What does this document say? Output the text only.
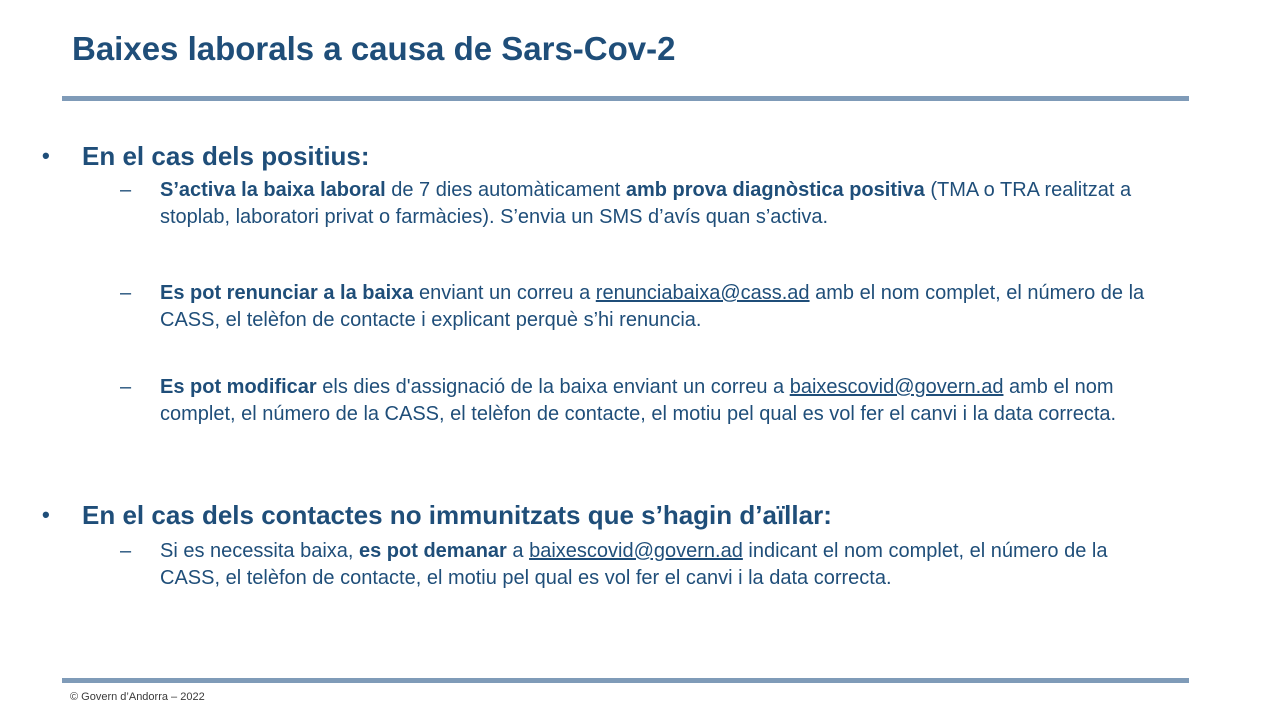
Baixes laborals a causa de Sars-Cov-2
• En el cas dels positius:
– S’activa la baixa laboral de 7 dies automàticament amb prova diagnòstica positiva (TMA o TRA realitzat a stoplab, laboratori privat o farmàcies). S’envia un SMS d’avís quan s’activa.
– Es pot renunciar a la baixa enviant un correu a renunciabaixa@cass.ad amb el nom complet, el número de la CASS, el telèfon de contacte i explicant perquè s’hi renuncia.
– Es pot modificar els dies d'assignació de la baixa enviant un correu a baixescovid@govern.ad amb el nom complet, el número de la CASS, el telèfon de contacte, el motiu pel qual es vol fer el canvi i la data correcta.
• En el cas dels contactes no immunitzats que s’hagin d’aïllar:
– Si es necessita baixa, es pot demanar a baixescovid@govern.ad indicant el nom complet, el número de la CASS, el telèfon de contacte, el motiu pel qual es vol fer el canvi i la data correcta.
© Govern d’Andorra – 2022
